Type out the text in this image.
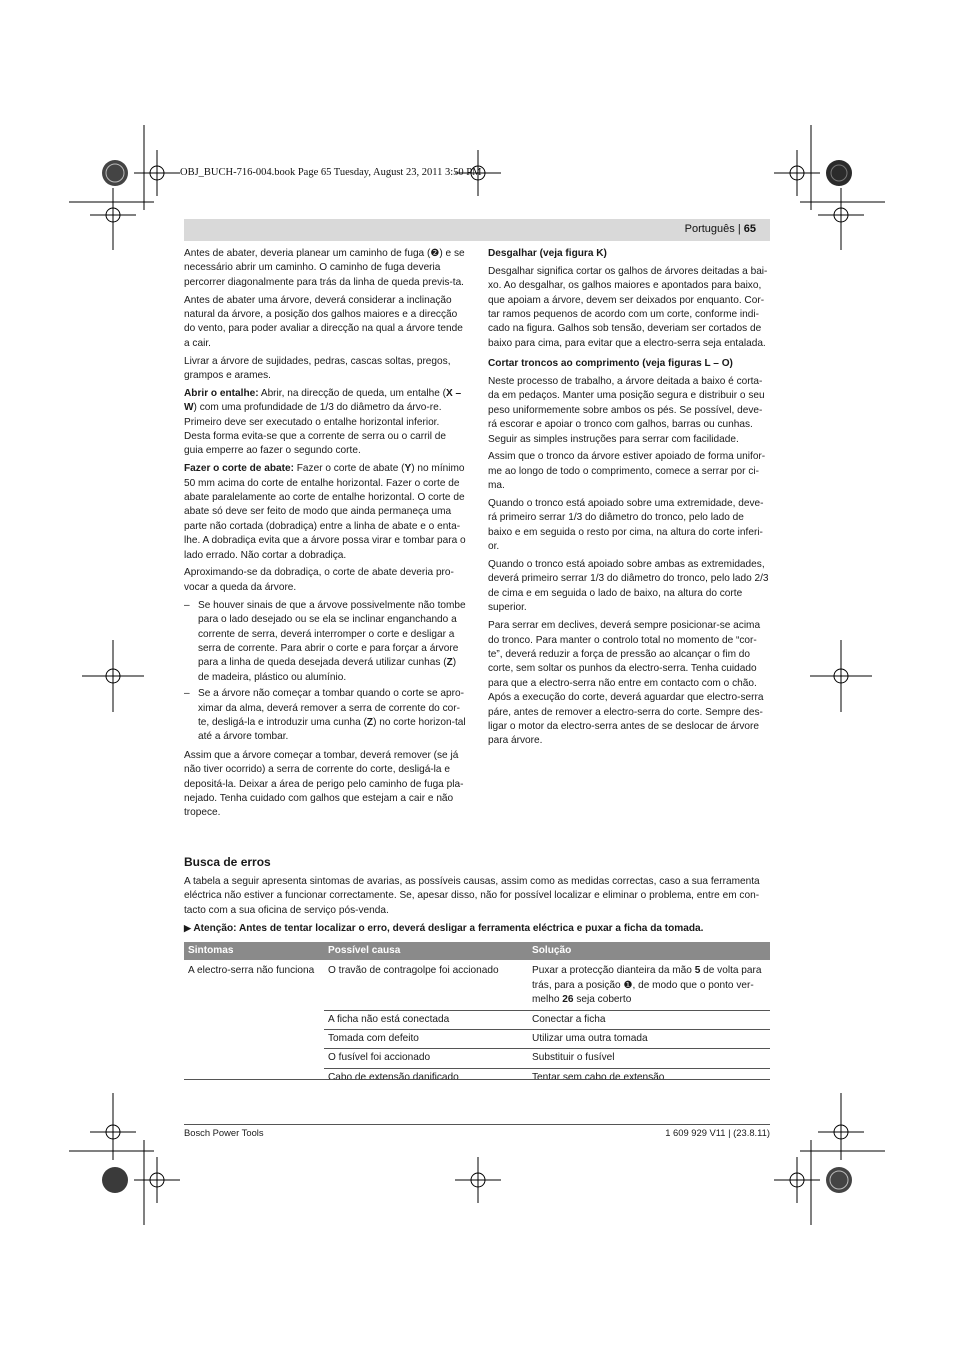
OBJ_BUCH-716-004.book Page 65 Tuesday, August 23, 2011 3:50 PM
Português | 65

Antes de abater, deveria planear um caminho de fuga (❷) e se necessário abrir um caminho. O caminho de fuga deveria percorrer diagonalmente para trás da linha de queda previs-ta.

Antes de abater uma árvore, deverá considerar a inclinação natural da árvore, a posição dos galhos maiores e a direcção do vento, para poder avaliar a direcção na qual a árvore tende a cair.

Livrar a árvore de sujidades, pedras, cascas soltas, pregos, grampos e arames.

Abrir o entalhe: Abrir, na direcção de queda, um entalhe (X – W) com uma profundidade de 1/3 do diâmetro da árvo-re. Primeiro deve ser executado o entalhe horizontal inferior. Desta forma evita-se que a corrente de serra ou o carril de guia emperre ao fazer o segundo corte.

Fazer o corte de abate: Fazer o corte de abate (Y) no mínimo 50 mm acima do corte de entalhe horizontal. Fazer o corte de abate paralelamente ao corte de entalhe horizontal. O corte de abate só deve ser feito de modo que ainda permaneça uma parte não cortada (dobradiça) entre a linha de abate e o enta-lhe. A dobradiça evita que a árvore possa virar e tombar para o lado errado. Não cortar a dobradiça.

Aproximando-se da dobradiça, o corte de abate deveria pro-vocar a queda da árvore.

– Se houver sinais de que a árvove possivelmente não tombe para o lado desejado ou se ela se inclinar enganchando a corrente de serra, deverá interromper o corte e desligar a serra de corrente. Para abrir o corte e para forçar a árvore para a linha de queda desejada deverá utilizar cunhas (Z) de madeira, plástico ou alumínio.
– Se a árvore não começar a tombar quando o corte se apro-ximar da alma, deverá remover a serra de corrente do cor-te, desligá-la e introduzir uma cunha (Z) no corte horizon-tal até a árvore tombar.

Assim que a árvore começar a tombar, deverá remover (se já não tiver ocorrido) a serra de corrente do corte, desligá-la e depositá-la. Deixar a área de perigo pelo caminho de fuga pla-nejado. Tenha cuidado com galhos que estejam a cair e não tropece.

Desgalhar (veja figura K)

Desgalhar significa cortar os galhos de árvores deitadas a bai-xo. Ao desgalhar, os galhos maiores e apontados para baixo, que apoiam a árvore, devem ser deixados por enquanto. Cor-tar ramos pequenos de acordo com um corte, conforme indi-cado na figura. Galhos sob tensão, deveriam ser cortados de baixo para cima, para evitar que a electro-serra seja entalada.

Cortar troncos ao comprimento (veja figuras L – O)

Neste processo de trabalho, a árvore deitada a baixo é corta-da em pedaços. Manter uma posição segura e distribuir o seu peso uniformemente sobre ambos os pés. Se possível, deve-rá escorar e apoiar o tronco com galhos, barras ou cunhas. Seguir as simples instruções para serrar com facilidade.

Assim que o tronco da árvore estiver apoiado de forma unifor-me ao longo de todo o comprimento, comece a serrar por ci-ma.

Quando o tronco está apoiado sobre uma extremidade, deve-rá primeiro serrar 1/3 do diâmetro do tronco, pelo lado de baixo e em seguida o resto por cima, na altura do corte inferi-or.

Quando o tronco está apoiado sobre ambas as extremidades, deverá primeiro serrar 1/3 do diâmetro do tronco, pelo lado 2/3 de cima e em seguida o lado de baixo, na altura do corte superior.

Para serrar em declives, deverá sempre posicionar-se acima do tronco. Para manter o controlo total no momento de “cor-te”, deverá reduzir a força de pressão ao alcançar o fim do corte, sem soltar os punhos da electro-serra. Tenha cuidado para que a electro-serra não entre em contacto com o chão. Após a execução do corte, deverá aguardar que electro-serra páre, antes de remover a electro-serra do corte. Sempre des-ligar o motor da electro-serra antes de se deslocar de árvore para árvore.

Busca de erros
A tabela a seguir apresenta sintomas de avarias, as possíveis causas, assim como as medidas correctas, caso a sua ferramenta eléctrica não estiver a funcionar correctamente. Se, apesar disso, não for possível localizar e eliminar o problema, entre em con-tacto com a sua oficina de serviço pós-venda.
▶ Atenção: Antes de tentar localizar o erro, deverá desligar a ferramenta eléctrica e puxar a ficha da tomada.
Sintomas	Possível causa	Solução
A electro-serra não funciona	O travão de contragolpe foi accionado	Puxar a protecção dianteira da mão 5 de volta para trás, para a posição ❶, de modo que o ponto ver-melho 26 seja coberto
	A ficha não está conectada	Conectar a ficha
	Tomada com defeito	Utilizar uma outra tomada
	O fusível foi accionado	Substituir o fusível
	Cabo de extensão danificado	Tentar sem cabo de extensão
Bosch Power Tools	1 609 929 V11 | (23.8.11)
